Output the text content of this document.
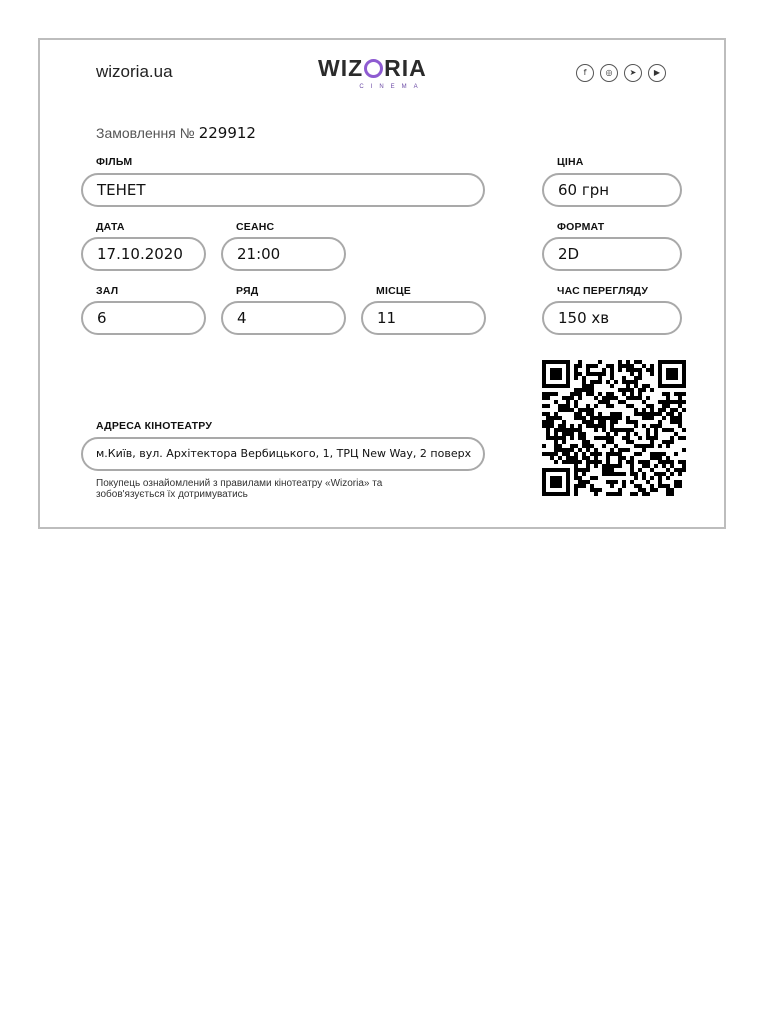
wizoria.ua	WIZ RIA
CINEMA
f	◎	➤	▶
Замовлення № 229912
ФІЛЬМ
ТЕНЕТ
ЦІНА
60 грн
ДАТА
17.10.2020
СЕАНС
21:00
ФОРМАТ
2D
ЗАЛ
6
РЯД
4
МІСЦЕ
11
ЧАС ПЕРЕГЛЯДУ
150 хв
АДРЕСА КІНОТЕАТРУ
м.Київ, вул. Архітектора Вербицького, 1, ТРЦ New Way, 2 поверх
Покупець ознайомлений з правилами кінотеатру «Wizoria» та зобов'язується їх дотримуватись
